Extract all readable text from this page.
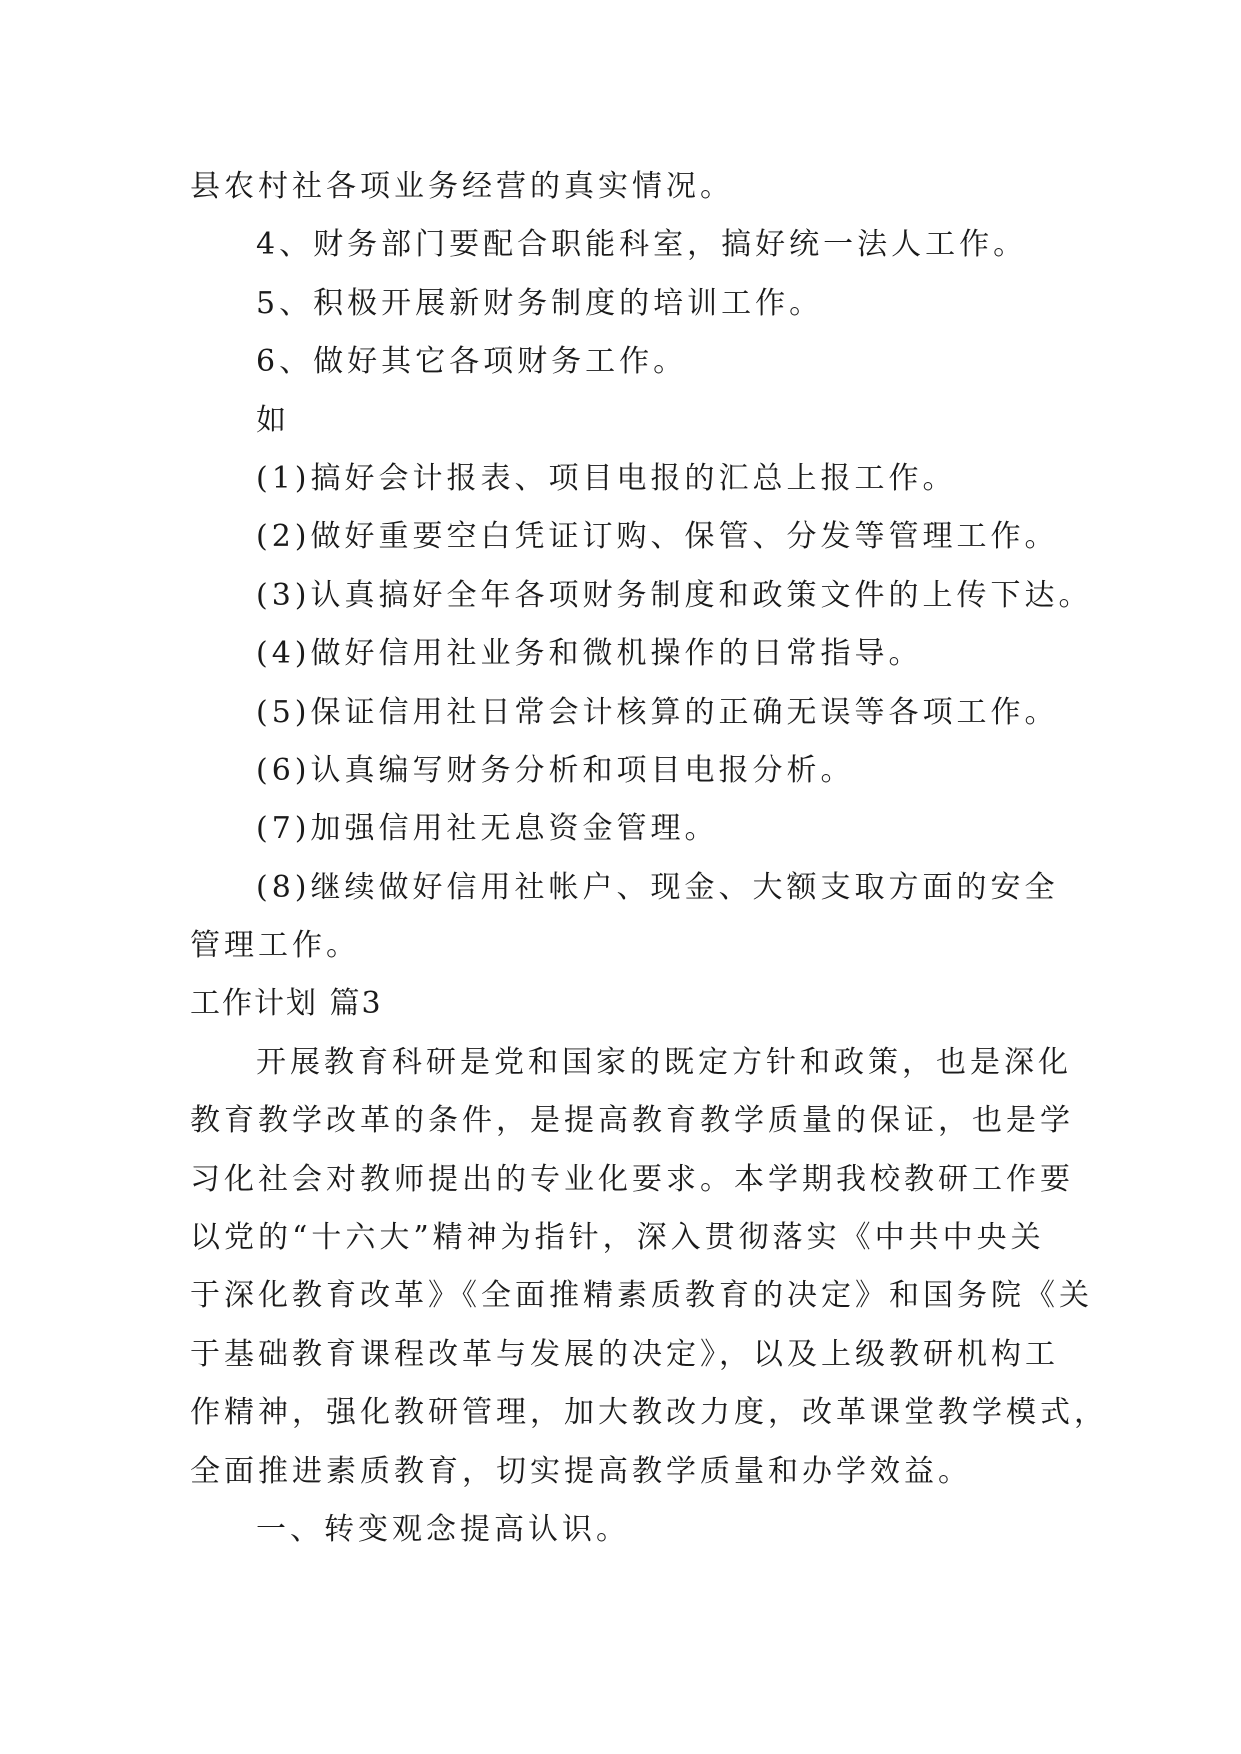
县农村社各项业务经营的真实情况。
4、财务部门要配合职能科室，搞好统一法人工作。
5、积极开展新财务制度的培训工作。
6、做好其它各项财务工作。
如
(1)搞好会计报表、项目电报的汇总上报工作。
(2)做好重要空白凭证订购、保管、分发等管理工作。
(3)认真搞好全年各项财务制度和政策文件的上传下达。
(4)做好信用社业务和微机操作的日常指导。
(5)保证信用社日常会计核算的正确无误等各项工作。
(6)认真编写财务分析和项目电报分析。
(7)加强信用社无息资金管理。
(8)继续做好信用社帐户、现金、大额支取方面的安全
管理工作。
工作计划 篇3
开展教育科研是党和国家的既定方针和政策，也是深化
教育教学改革的条件，是提高教育教学质量的保证，也是学
习化社会对教师提出的专业化要求。本学期我校教研工作要
以党的“十六大”精神为指针，深入贯彻落实《中共中央关
于深化教育改革》《全面推精素质教育的决定》和国务院《关
于基础教育课程改革与发展的决定》，以及上级教研机构工
作精神，强化教研管理，加大教改力度，改革课堂教学模式，
全面推进素质教育，切实提高教学质量和办学效益。
一、转变观念提高认识。
